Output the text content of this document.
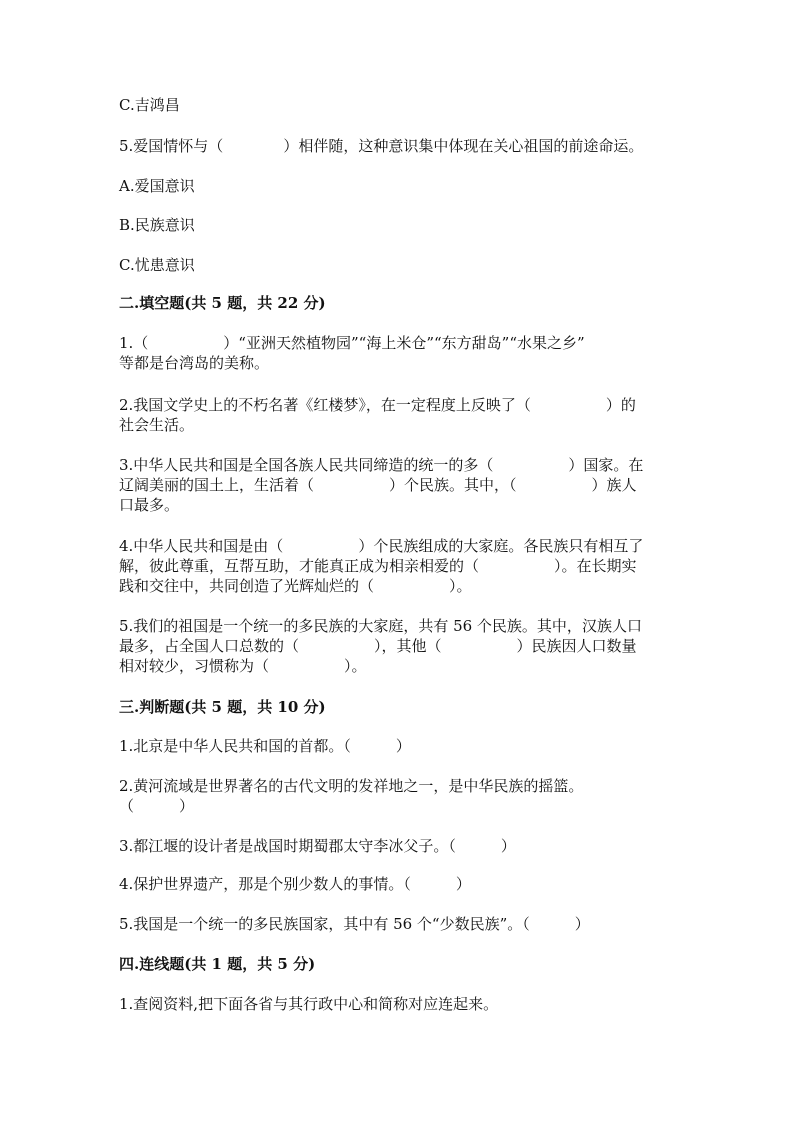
C.吉鸿昌
5.爱国情怀与（　　　　）相伴随，这种意识集中体现在关心祖国的前途命运。
A.爱国意识
B.民族意识
C.忧患意识
二.填空题(共 5 题，共 22 分)
1.（　　　　　）“亚洲天然植物园”“海上米仓”“东方甜岛”“水果之乡”
等都是台湾岛的美称。
2.我国文学史上的不朽名著《红楼梦》，在一定程度上反映了（　　　　　）的
社会生活。
3.中华人民共和国是全国各族人民共同缔造的统一的多（　　　　　）国家。在
辽阔美丽的国土上，生活着（　　　　　）个民族。其中，（　　　　　）族人
口最多。
4.中华人民共和国是由（　　　　　）个民族组成的大家庭。各民族只有相互了
解，彼此尊重，互帮互助，才能真正成为相亲相爱的（　　　　　）。在长期实
践和交往中，共同创造了光辉灿烂的（　　　　　）。
5.我们的祖国是一个统一的多民族的大家庭，共有 56 个民族。其中，汉族人口
最多，占全国人口总数的（　　　　　），其他（　　　　　）民族因人口数量
相对较少，习惯称为（　　　　　）。
三.判断题(共 5 题，共 10 分)
1.北京是中华人民共和国的首都。（　　　）
2.黄河流域是世界著名的古代文明的发祥地之一，是中华民族的摇篮。
（　　　）
3.都江堰的设计者是战国时期蜀郡太守李冰父子。（　　　）
4.保护世界遗产，那是个别少数人的事情。（　　　）
5.我国是一个统一的多民族国家，其中有 56 个“少数民族”。（　　　）
四.连线题(共 1 题，共 5 分)
1.查阅资料,把下面各省与其行政中心和简称对应连起来。
